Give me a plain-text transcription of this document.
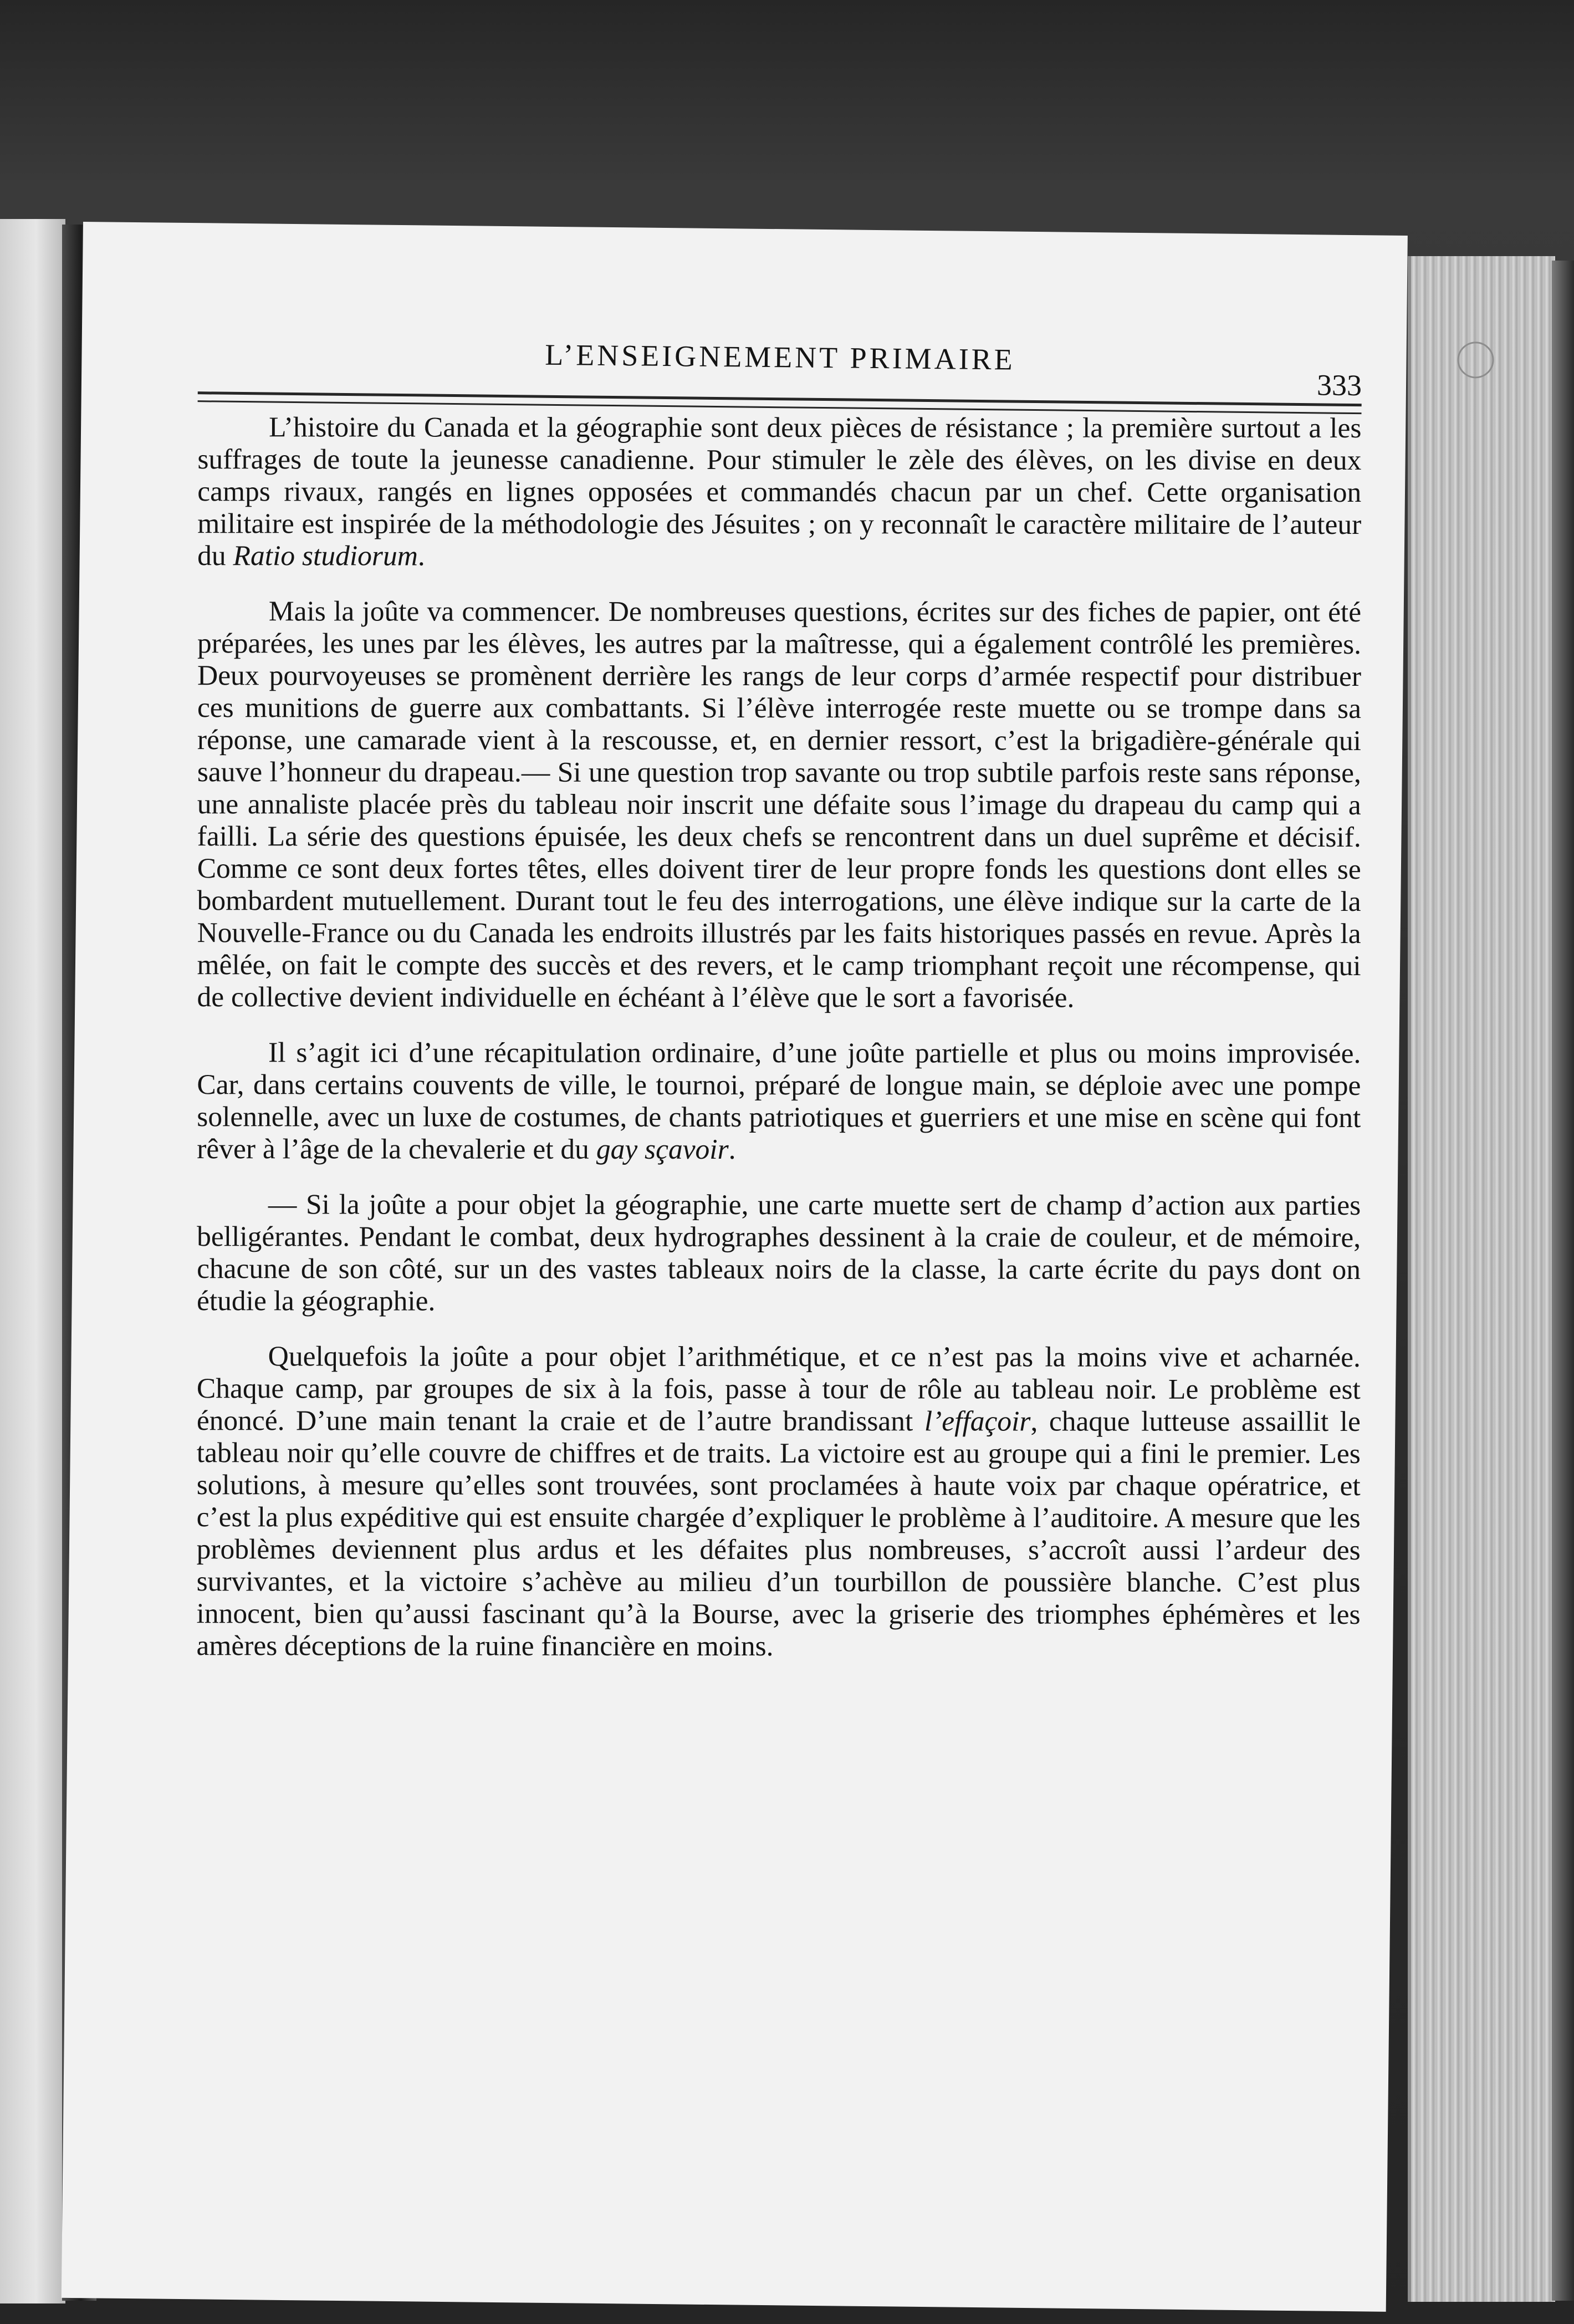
L’ENSEIGNEMENT PRIMAIRE
333

L’histoire du Canada et la géographie sont deux pièces de résistance ; la première surtout a les suffrages de toute la jeunesse canadienne. Pour stimuler le zèle des élèves, on les divise en deux camps rivaux, rangés en lignes opposées et commandés chacun par un chef. Cette organisation militaire est inspirée de la méthodologie des Jésuites ; on y reconnaît le caractère militaire de l’auteur du Ratio studiorum.

Mais la joûte va commencer. De nombreuses questions, écrites sur des fiches de papier, ont été préparées, les unes par les élèves, les autres par la maîtresse, qui a également contrôlé les premières. Deux pourvoyeuses se promènent derrière les rangs de leur corps d’armée respectif pour distribuer ces munitions de guerre aux combattants. Si l’élève interrogée reste muette ou se trompe dans sa réponse, une camarade vient à la rescousse, et, en dernier ressort, c’est la brigadière-générale qui sauve l’honneur du drapeau.— Si une question trop savante ou trop subtile parfois reste sans réponse, une annaliste placée près du tableau noir inscrit une défaite sous l’image du drapeau du camp qui a failli. La série des questions épuisée, les deux chefs se rencontrent dans un duel suprême et décisif. Comme ce sont deux fortes têtes, elles doivent tirer de leur propre fonds les questions dont elles se bombardent mutuellement. Durant tout le feu des interrogations, une élève indique sur la carte de la Nouvelle-France ou du Canada les endroits illustrés par les faits historiques passés en revue. Après la mêlée, on fait le compte des succès et des revers, et le camp triomphant reçoit une récompense, qui de collective devient individuelle en échéant à l’élève que le sort a favorisée.

Il s’agit ici d’une récapitulation ordinaire, d’une joûte partielle et plus ou moins improvisée. Car, dans certains couvents de ville, le tournoi, préparé de longue main, se déploie avec une pompe solennelle, avec un luxe de costumes, de chants patriotiques et guerriers et une mise en scène qui font rêver à l’âge de la chevalerie et du gay sçavoir.

— Si la joûte a pour objet la géographie, une carte muette sert de champ d’action aux parties belligérantes. Pendant le combat, deux hydrographes dessinent à la craie de couleur, et de mémoire, chacune de son côté, sur un des vastes tableaux noirs de la classe, la carte écrite du pays dont on étudie la géographie.

Quelquefois la joûte a pour objet l’arithmétique, et ce n’est pas la moins vive et acharnée. Chaque camp, par groupes de six à la fois, passe à tour de rôle au tableau noir. Le problème est énoncé. D’une main tenant la craie et de l’autre brandissant l’effaçoir, chaque lutteuse assaillit le tableau noir qu’elle couvre de chiffres et de traits. La victoire est au groupe qui a fini le premier. Les solutions, à mesure qu’elles sont trouvées, sont proclamées à haute voix par chaque opératrice, et c’est la plus expéditive qui est ensuite chargée d’expliquer le problème à l’auditoire. A mesure que les problèmes deviennent plus ardus et les défaites plus nombreuses, s’accroît aussi l’ardeur des survivantes, et la victoire s’achève au milieu d’un tourbillon de poussière blanche. C’est plus innocent, bien qu’aussi fascinant qu’à la Bourse, avec la griserie des triomphes éphémères et les amères déceptions de la ruine financière en moins.
